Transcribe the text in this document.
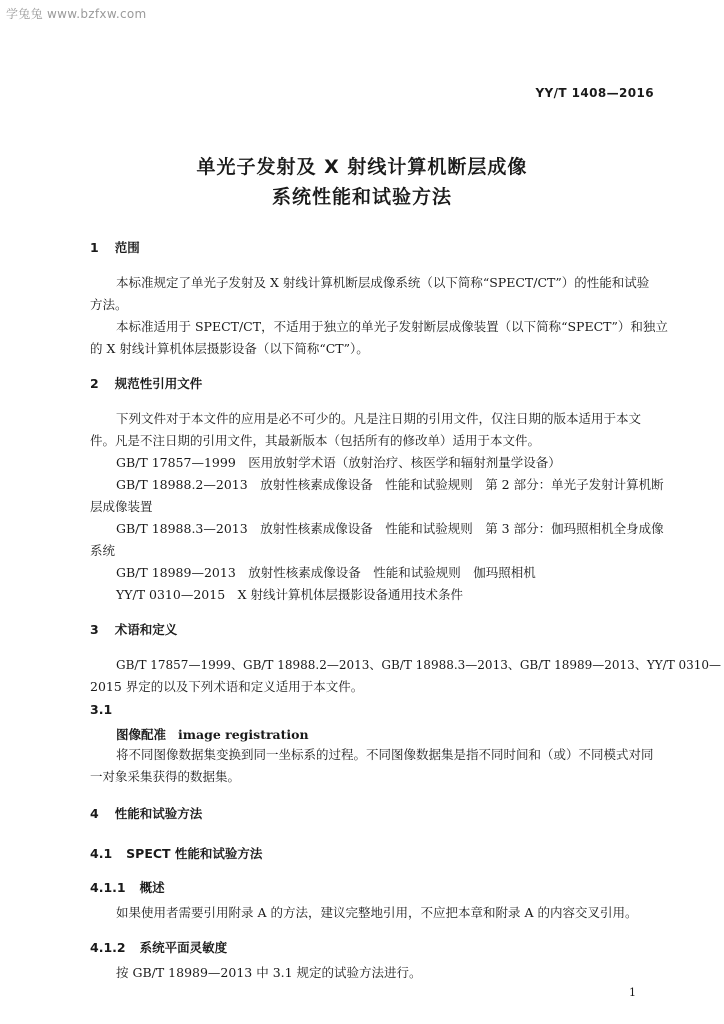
学兔兔 www.bzfxw.com
YY/T 1408—2016
单光子发射及 X 射线计算机断层成像
系统性能和试验方法
1 范围
本标准规定了单光子发射及 X 射线计算机断层成像系统（以下简称“SPECT/CT”）的性能和试验
方法。
本标准适用于 SPECT/CT，不适用于独立的单光子发射断层成像装置（以下简称“SPECT”）和独立
的 X 射线计算机体层摄影设备（以下简称“CT”）。
2 规范性引用文件
下列文件对于本文件的应用是必不可少的。凡是注日期的引用文件，仅注日期的版本适用于本文
件。凡是不注日期的引用文件，其最新版本（包括所有的修改单）适用于本文件。
GB/T 17857—1999　医用放射学术语（放射治疗、核医学和辐射剂量学设备）
GB/T 18988.2—2013　放射性核素成像设备　性能和试验规则　第 2 部分：单光子发射计算机断
层成像装置
GB/T 18988.3—2013　放射性核素成像设备　性能和试验规则　第 3 部分：伽玛照相机全身成像
系统
GB/T 18989—2013　放射性核素成像设备　性能和试验规则　伽玛照相机
YY/T 0310—2015　X 射线计算机体层摄影设备通用技术条件
3 术语和定义
GB/T 17857—1999、GB/T 18988.2—2013、GB/T 18988.3—2013、GB/T 18989—2013、YY/T 0310—
2015 界定的以及下列术语和定义适用于本文件。
3.1
图像配准 image registration
将不同图像数据集变换到同一坐标系的过程。不同图像数据集是指不同时间和（或）不同模式对同
一对象采集获得的数据集。
4 性能和试验方法
4.1 SPECT 性能和试验方法
4.1.1 概述
如果使用者需要引用附录 A 的方法，建议完整地引用，不应把本章和附录 A 的内容交叉引用。
4.1.2 系统平面灵敏度
按 GB/T 18989—2013 中 3.1 规定的试验方法进行。
1
